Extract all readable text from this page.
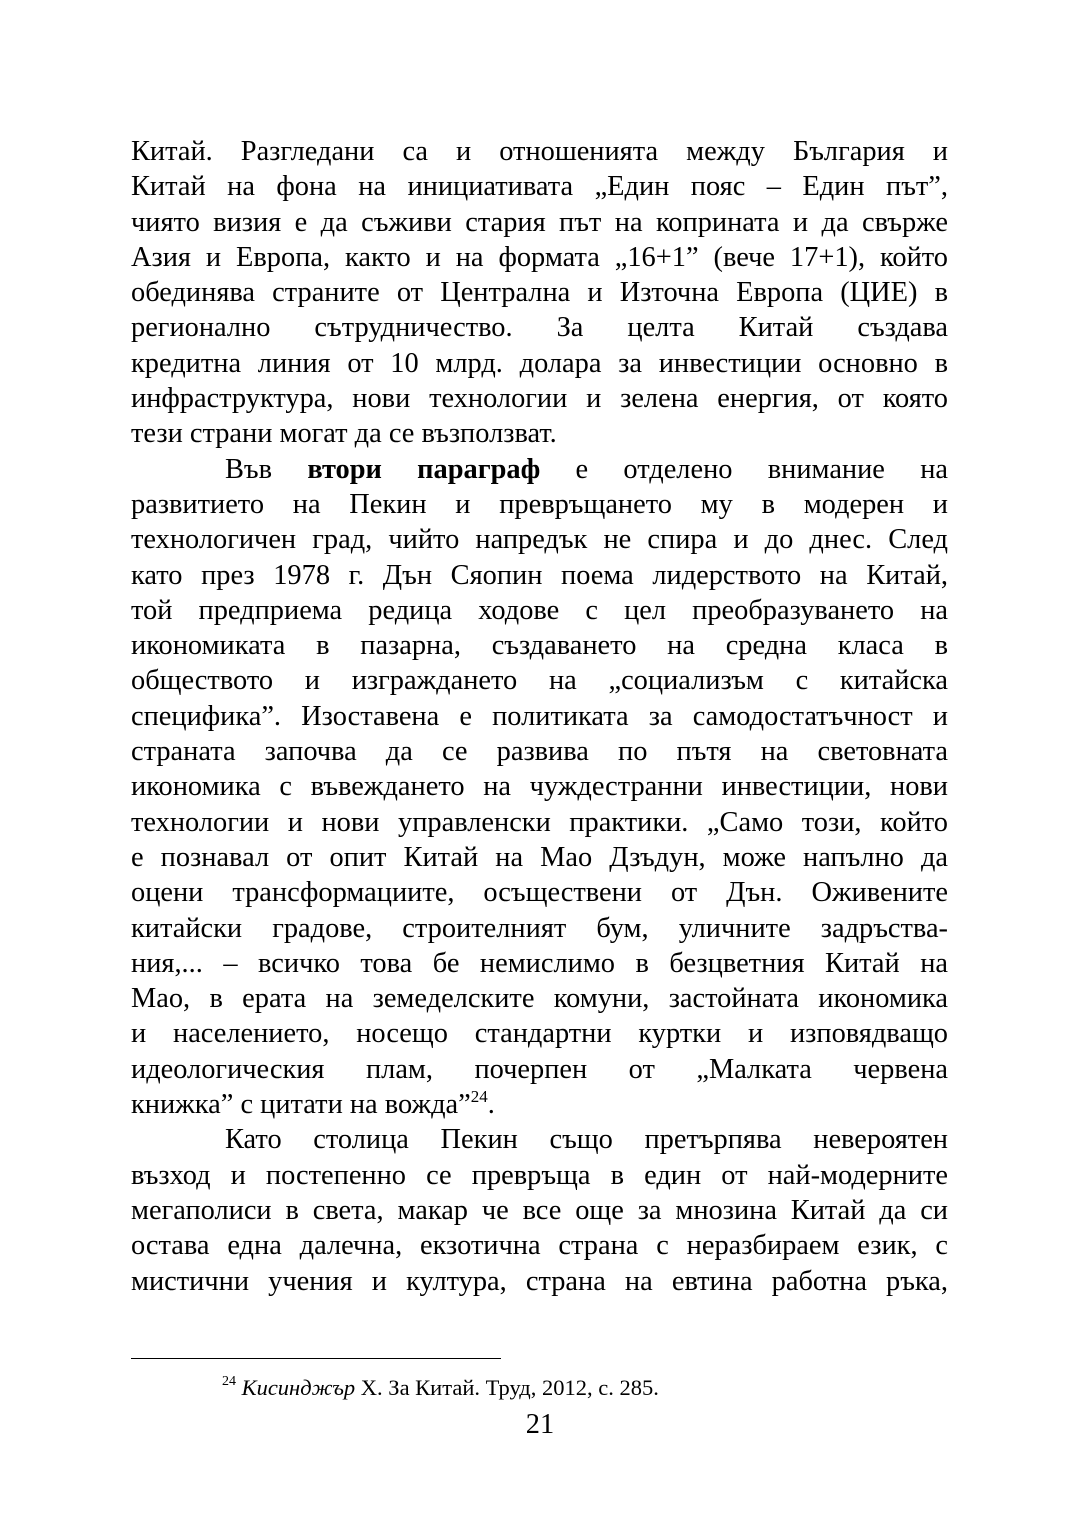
Китай. Разгледани са и отношенията между България и
Китай на фона на инициативата „Един пояс – Един път”,
чиято визия е да съживи стария път на коприната и да свърже
Азия и Европа, както и на формата „16+1” (вече 17+1), който
обединява страните от Централна и Източна Европа (ЦИЕ) в
регионално сътрудничество. За целта Китай създава
кредитна линия от 10 млрд. долара за инвестиции основно в
инфраструктура, нови технологии и зелена енергия, от която
тези страни могат да се възползват.
Във втори параграф е отделено внимание на
развитието на Пекин и превръщането му в модерен и
технологичен град, чийто напредък не спира и до днес. След
като през 1978 г. Дън Сяопин поема лидерството на Китай,
той предприема редица ходове с цел преобразуването на
икономиката в пазарна, създаването на средна класа в
обществото и изграждането на „социализъм с китайска
специфика”. Изоставена е политиката за самодостатъчност и
страната започва да се развива по пътя на световната
икономика с въвеждането на чуждестранни инвестиции, нови
технологии и нови управленски практики. „Само този, който
е познавал от опит Китай на Мао Дзъдун, може напълно да
оцени трансформациите, осъществени от Дън. Оживените
китайски градове, строителният бум, уличните задръства-
ния,... – всичко това бе немислимо в безцветния Китай на
Мао, в ерата на земеделските комуни, застойната икономика
и населението, носещо стандартни куртки и изповядващо
идеологическия плам, почерпен от „Малката червена
книжка” с цитати на вожда”$^{24}$.
Като столица Пекин също претърпява невероятен
възход и постепенно се превръща в един от най-модерните
мегаполиси в света, макар че все още за мнозина Китай да си
остава една далечна, екзотична страна с неразбираем език, с
мистични учения и култура, страна на евтина работна ръка,
$^{24}$ Кисинджър Х. За Китай. Труд, 2012, с. 285.
21
